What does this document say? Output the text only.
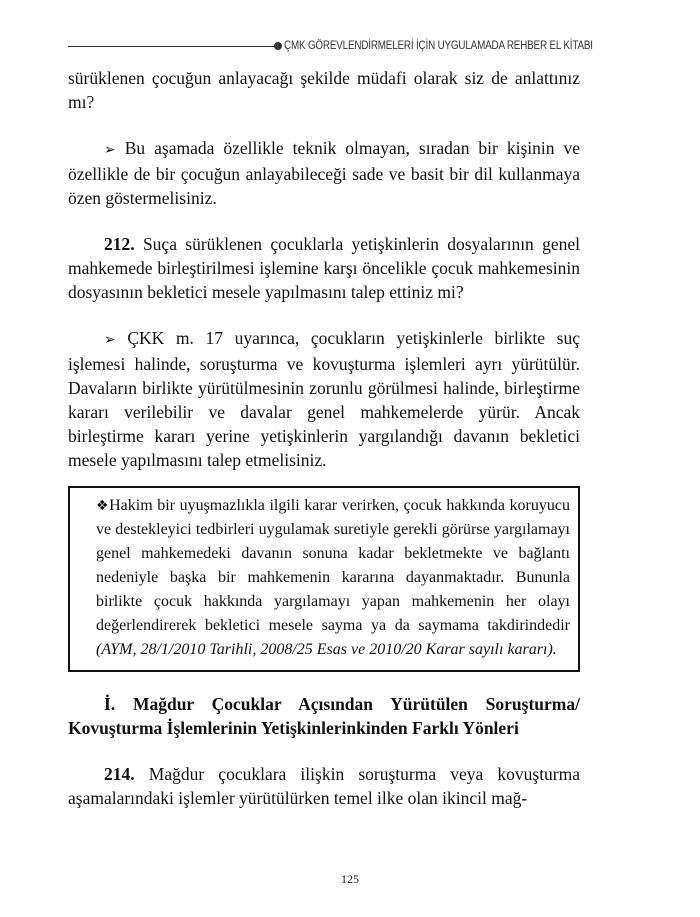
ÇMK GÖREVLENDİRMELERİ İÇİN UYGULAMADA REHBER EL KİTABI

sürüklenen çocuğun anlayacağı şekilde müdafi olarak siz de anlattınız mı?

➢ Bu aşamada özellikle teknik olmayan, sıradan bir kişinin ve özellikle de bir çocuğun anlayabileceği sade ve basit bir dil kullanmaya özen göstermelisiniz.

212. Suça sürüklenen çocuklarla yetişkinlerin dosyalarının genel mahkemede birleştirilmesi işlemine karşı öncelikle çocuk mahkemesinin dosyasının bekletici mesele yapılmasını talep ettiniz mi?

➢ ÇKK m. 17 uyarınca, çocukların yetişkinlerle birlikte suç işlemesi halinde, soruşturma ve kovuşturma işlemleri ayrı yürütülür. Davaların birlikte yürütülmesinin zorunlu görülmesi halinde, birleştirme kararı verilebilir ve davalar genel mahkemelerde yürür. Ancak birleştirme kararı yerine yetişkinlerin yargılandığı davanın bekletici mesele yapılmasını talep etmelisiniz.

❖Hakim bir uyuşmazlıkla ilgili karar verirken, çocuk hakkında koruyucu ve destekleyici tedbirleri uygulamak suretiyle gerekli görürse yargılamayı genel mahkemedeki davanın sonuna kadar bekletmekte ve bağlantı nedeniyle başka bir mahkemenin kararına dayanmaktadır. Bununla birlikte çocuk hakkında yargılamayı yapan mahkemenin her olayı değerlendirerek bekletici mesele sayma ya da saymama takdirindedir (AYM, 28/1/2010 Tarihli, 2008/25 Esas ve 2010/20 Karar sayılı kararı).

İ. Mağdur Çocuklar Açısından Yürütülen Soruşturma/ Kovuşturma İşlemlerinin Yetişkinlerinkinden Farklı Yönleri

214. Mağdur çocuklara ilişkin soruşturma veya kovuşturma aşamalarındaki işlemler yürütülürken temel ilke olan ikincil mağ-

125
